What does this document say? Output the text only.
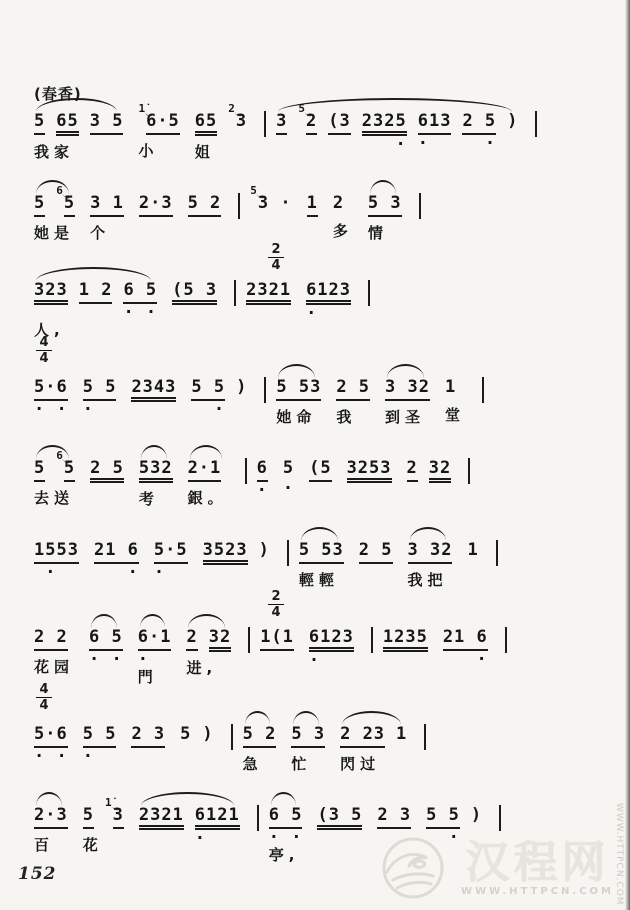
(春香)
5 65 3 5
我家
1̇
6·5
小
65
2
3
姐
3
5
2 (3 2325
.
613
.
2 5
.
)
5
6
5
她是
3 1
个
2·3 5 2
5
3 · 1 2
多
5 3
情
$\frac{2}{4}$
323 1 2 6 5
. .
人,
(5 3 2321 6123
.
$\frac{4}{4}$
5·6
. .
5 5
.
2343 5 5
.
) 5 53
她命
2 5
我
3 32
到圣
1
堂
5
6
5
去送
2 5 532
考
2·1
銀。
6
.
5
.
(5 3253 2 32
1553
.
21 6
.
5·5
.
3523 ) 5 53
輕輕
2 5 3 32
我把
1
$\frac{2}{4}$
2 2
花园
6 5
. .
6·1
.
門
2 32
进,
1(1 6123
.
1235 21 6
.
$\frac{4}{4}$
5·6
. .
5 5
.
2 3 5 ) 5 2
急
5 3
忙
2 23 1
閃过
2·3
百
5
1̇
3
花
2321 6121
.
6 5
. .
亭,
(3 5 2 3 5 5
.
)
152	汉程网
WWW.HTTPCN.COM WWW.HTTPCN.COM
